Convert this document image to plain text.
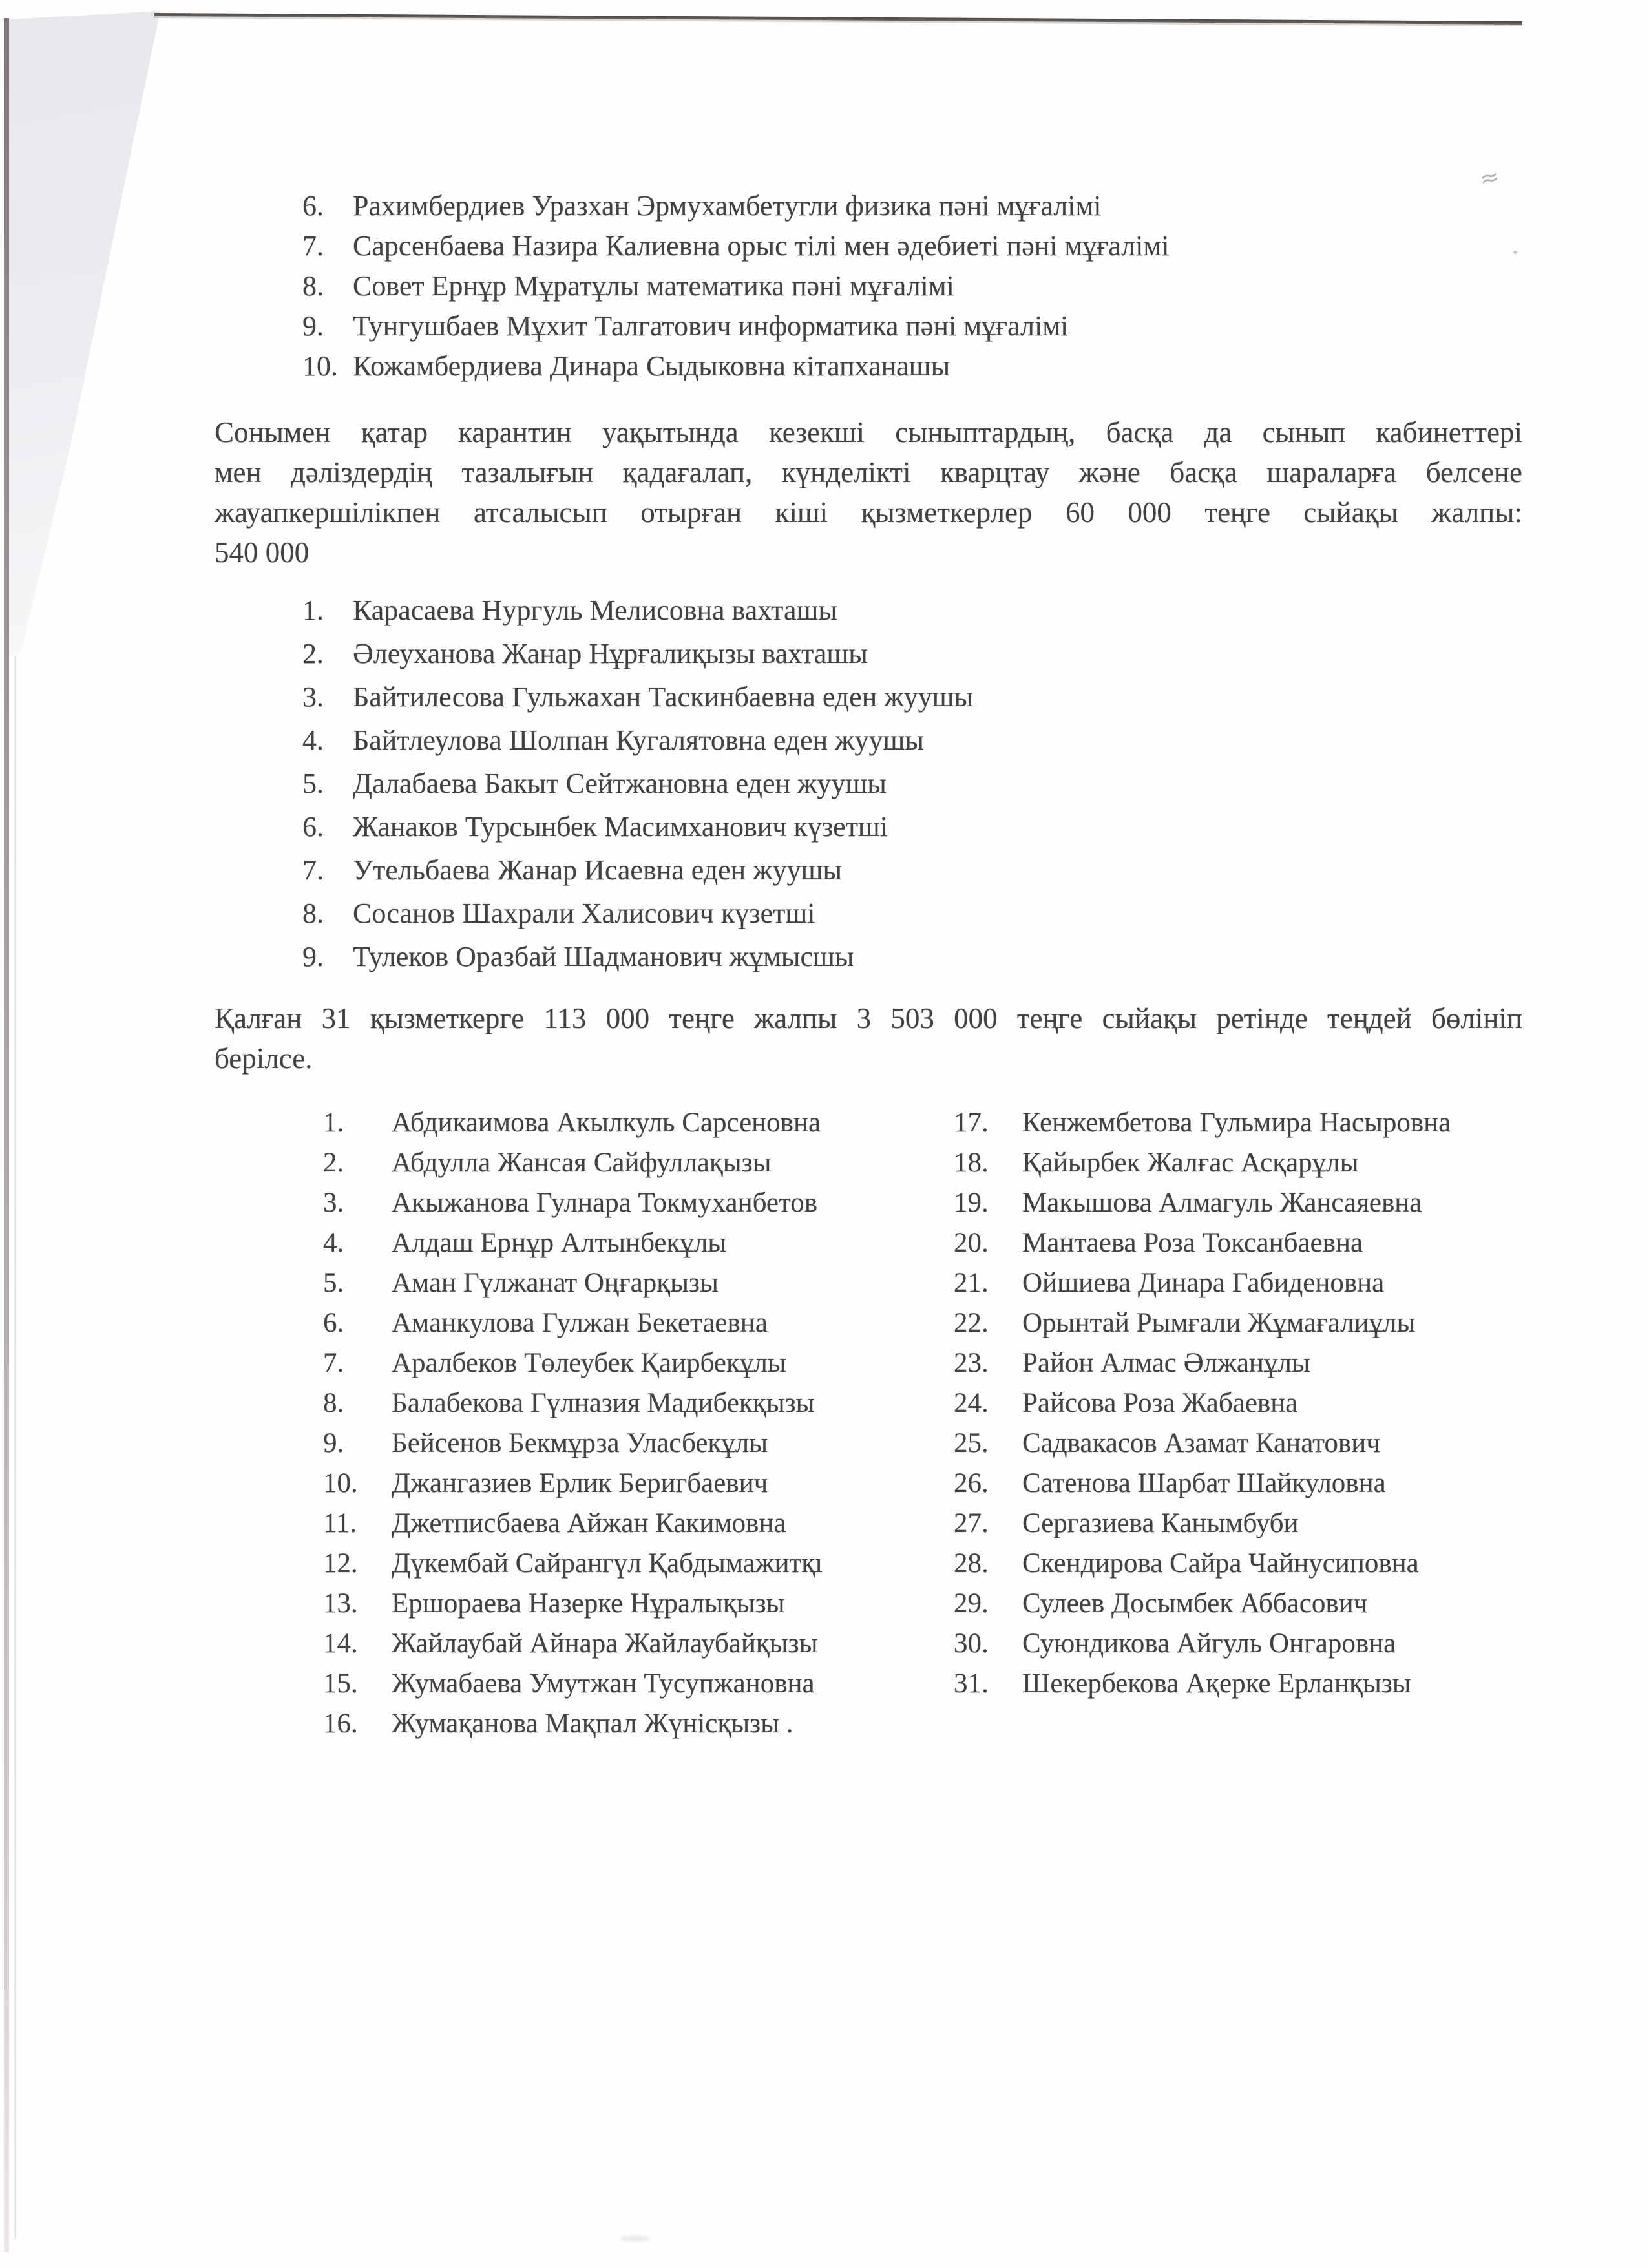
≈
6.	Рахимбердиев Уразхан Эрмухамбетугли физика пәні мұғалімі
7.	Сарсенбаева Назира Калиевна орыс тілі мен әдебиеті пәні мұғалімі
8.	Совет Ернұр Мұратұлы математика пәні мұғалімі
9.	Тунгушбаев Мұхит Талгатович информатика пәні мұғалімі
10. Кожамбердиева Динара Сыдыковна кітапханашы
Сонымен қатар карантин уақытында кезекші сыныптардың, басқа да сынып кабинеттері
мен дәліздердің тазалығын қадағалап, күнделікті кварцтау және басқа шараларға белсене
жауапкершілікпен атсалысып отырған кіші қызметкерлер 60 000 теңге сыйақы жалпы:
540 000
1.	Карасаева Нургуль Мелисовна вахташы
2.	Әлеуханова Жанар Нұрғалиқызы вахташы
3.	Байтилесова Гульжахан Таскинбаевна еден жуушы
4.	Байтлеулова Шолпан Кугалятовна еден жуушы
5.	Далабаева Бакыт Сейтжановна еден жуушы
6.	Жанаков Турсынбек Масимханович күзетші
7.	Утельбаева Жанар Исаевна еден жуушы
8.	Сосанов Шахрали Халисович күзетші
9.	Тулеков Оразбай Шадманович жұмысшы
Қалған 31 қызметкерге 113 000 теңге жалпы 3 503 000 теңге сыйақы ретінде теңдей бөлініп
берілсе.
1.	Абдикаимова Акылкуль Сарсеновна
2.	Абдулла Жансая Сайфуллақызы
3.	Акыжанова Гулнара Токмуханбетов
4.	Алдаш Ернұр Алтынбекұлы
5.	Аман Гүлжанат Оңғарқызы
6.	Аманкулова Гулжан Бекетаевна
7.	Аралбеков Төлеубек Қаирбекұлы
8.	Балабекова Гүлназия Мадибекқызы
9.	Бейсенов Бекмұрза Уласбекұлы
10.	Джангазиев Ерлик Беригбаевич
11.	Джетписбаева Айжан Какимовна
12.	Дүкембай Сайрангүл Қабдымажитқı
13.	Ершораева Назерке Нұралықызы
14.	Жайлаубай Айнара Жайлаубайқызы
15.	Жумабаева Умутжан Тусупжановна
16.	Жумақанова Мақпал Жүнісқызы .
17.	Кенжембетова Гульмира Насыровна
18.	Қайырбек Жалғас Асқарұлы
19.	Макышова Алмагуль Жансаяевна
20.	Мантаева Роза Токсанбаевна
21.	Ойшиева Динара Габиденовна
22.	Орынтай Рымғали Жұмағалиұлы
23.	Район Алмас Әлжанұлы
24.	Райсова Роза Жабаевна
25.	Садвакасов Азамат Канатович
26.	Сатенова Шарбат Шайкуловна
27.	Сергазиева Канымбуби
28.	Скендирова Сайра Чайнусиповна
29.	Сулеев Досымбек Аббасович
30.	Суюндикова Айгуль Онгаровна
31.	Шекербекова Ақерке Ерланқызы
